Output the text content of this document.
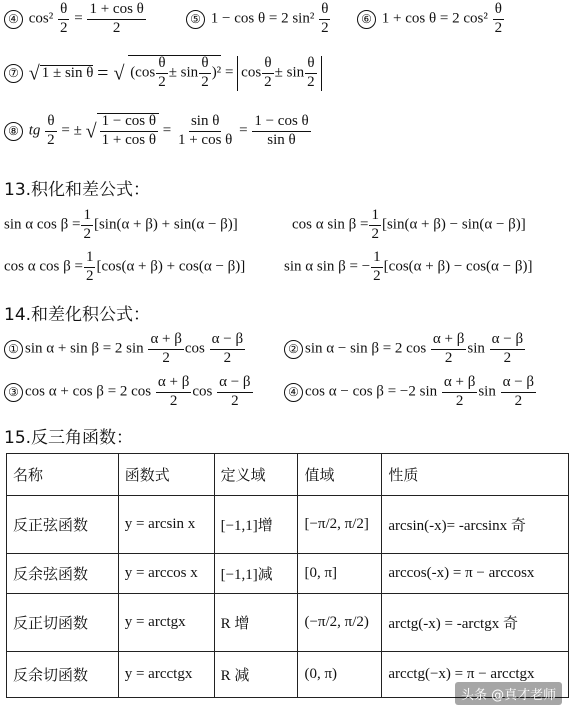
④ $\cos^2 \frac{\theta}{2} = \frac{\text{1 + cos θ}}{2}$	⑤ 1 − cos θ = 2 $\sin^2 \frac{\theta}{2}$	⑥ 1 + cos θ = 2 $\cos^2 \frac{\theta}{2}$
⑦ √ 1 ± sin θ = √ $(\cos \frac{\theta}{2} \pm \sin \frac{\theta}{2} )^2 = \cos \frac{\theta}{2} \pm \sin \frac{\theta}{2}$
⑧ tg $\frac{\theta}{2}$ = ± √ $\frac{\text{1 − cos θ}}{\text{1 + cos θ}} = \frac{\text{sin θ}}{\text{1 + cos θ}} = \frac{\text{1 − cos θ}}{\text{sin θ}}$
13.积化和差公式：
sin α $\cos \beta = \frac{1}{2} [\sin(\alpha + \beta) + \sin(\alpha - \beta)]$	cos α $\sin \beta = \frac{1}{2} [\sin(\alpha + \beta) - \sin(\alpha - \beta)]$
cos α $\cos \beta = \frac{1}{2} [\cos(\alpha + \beta) + \cos(\alpha - \beta)]$	sin α sin β = − $\frac{1}{2} [\cos(\alpha + \beta) - \cos(\alpha - \beta)]$
14.和差化积公式：
① sin α + sin β = 2 $\sin \frac{\alpha + \beta}{2}$ $\cos \frac{\alpha - \beta}{2}$	② sin α − sin β = 2 $\cos \frac{\alpha + \beta}{2}$ $\sin \frac{\alpha - \beta}{2}$
③ cos α + cos β = 2 $\cos \frac{\alpha + \beta}{2}$ $\cos \frac{\alpha - \beta}{2}$	④ cos α − cos β = −2 $\sin \frac{\alpha + \beta}{2}$ $\sin \frac{\alpha - \beta}{2}$
15.反三角函数：
名称	函数式	定义域	值域	性质
反正弦函数	y = arcsin x	[−1,1]增	[−π/2, π/2]	arcsin(-x)= -arcsinx 奇
反余弦函数	y = arccos x	[−1,1]减	[0, π]	arccos(-x) = π − arccosx
反正切函数	y = arctgx	R 增	(−π/2, π/2)	arctg(-x) = -arctgx 奇
反余切函数	y = arcctgx	R 减	(0, π)	arcctg(−x) = π − arcctgx
头条 @真才老师
